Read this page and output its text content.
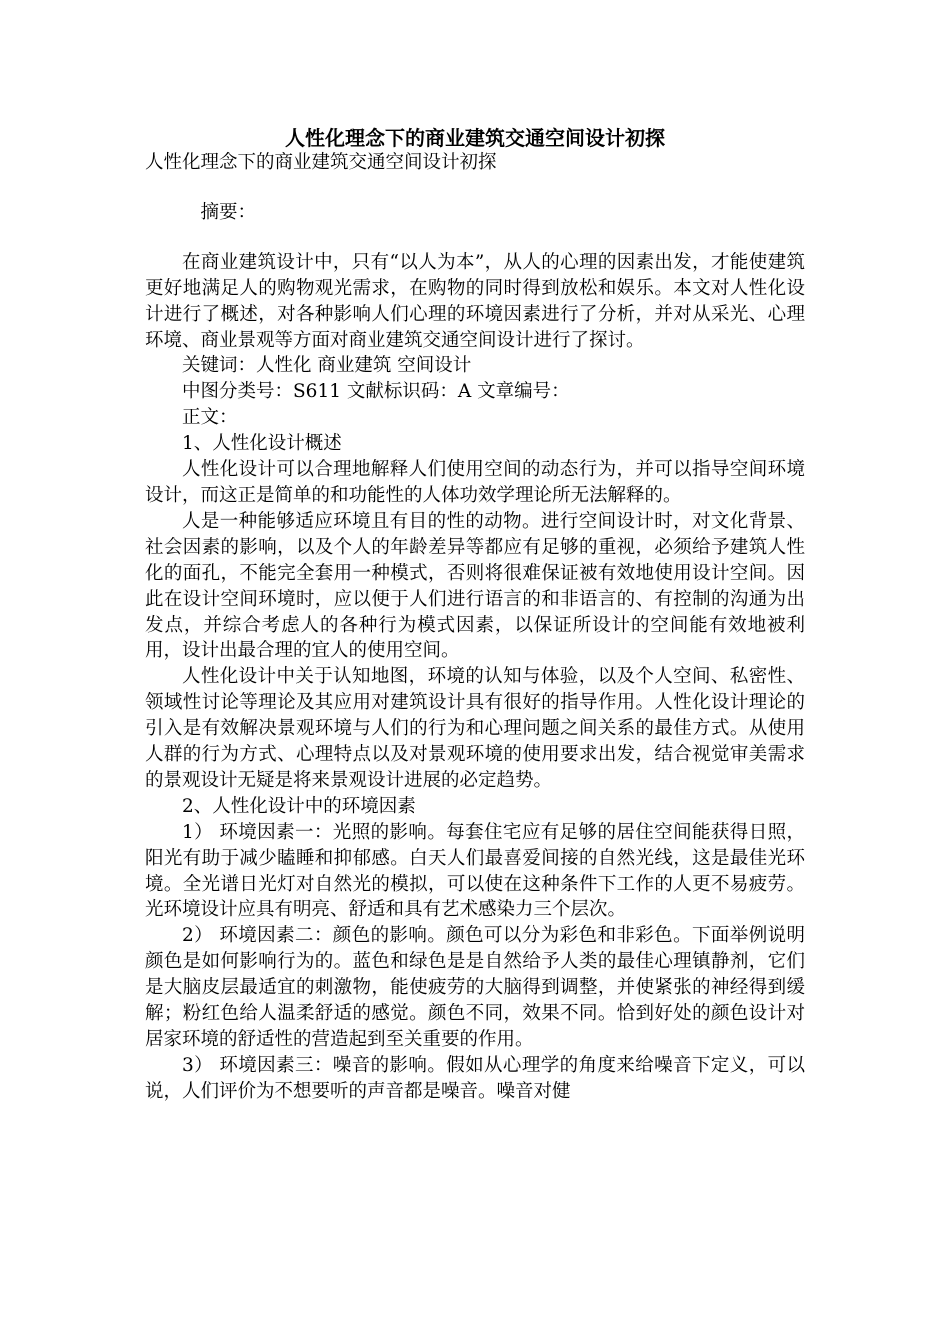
人性化理念下的商业建筑交通空间设计初探

人性化理念下的商业建筑交通空间设计初探

摘要：

在商业建筑设计中，只有“以人为本”，从人的心理的因素出发，才能使建筑更好地满足人的购物观光需求，在购物的同时得到放松和娱乐。本文对人性化设计进行了概述，对各种影响人们心理的环境因素进行了分析，并对从采光、心理环境、商业景观等方面对商业建筑交通空间设计进行了探讨。

关键词：人性化 商业建筑 空间设计

中图分类号：S611 文献标识码：A 文章编号：

正文：

1、人性化设计概述

人性化设计可以合理地解释人们使用空间的动态行为，并可以指导空间环境设计，而这正是简单的和功能性的人体功效学理论所无法解释的。

人是一种能够适应环境且有目的性的动物。进行空间设计时，对文化背景、社会因素的影响，以及个人的年龄差异等都应有足够的重视，必须给予建筑人性化的面孔，不能完全套用一种模式，否则将很难保证被有效地使用设计空间。因此在设计空间环境时，应以便于人们进行语言的和非语言的、有控制的沟通为出发点，并综合考虑人的各种行为模式因素，以保证所设计的空间能有效地被利用，设计出最合理的宜人的使用空间。

人性化设计中关于认知地图，环境的认知与体验，以及个人空间、私密性、领域性讨论等理论及其应用对建筑设计具有很好的指导作用。人性化设计理论的引入是有效解决景观环境与人们的行为和心理问题之间关系的最佳方式。从使用人群的行为方式、心理特点以及对景观环境的使用要求出发，结合视觉审美需求的景观设计无疑是将来景观设计进展的必定趋势。

2、人性化设计中的环境因素

1） 环境因素一：光照的影响。每套住宅应有足够的居住空间能获得日照，阳光有助于减少瞌睡和抑郁感。白天人们最喜爱间接的自然光线，这是最佳光环境。全光谱日光灯对自然光的模拟，可以使在这种条件下工作的人更不易疲劳。光环境设计应具有明亮、舒适和具有艺术感染力三个层次。

2） 环境因素二：颜色的影响。颜色可以分为彩色和非彩色。下面举例说明颜色是如何影响行为的。蓝色和绿色是是自然给予人类的最佳心理镇静剂，它们是大脑皮层最适宜的刺激物，能使疲劳的大脑得到调整，并使紧张的神经得到缓解；粉红色给人温柔舒适的感觉。颜色不同，效果不同。恰到好处的颜色设计对居家环境的舒适性的营造起到至关重要的作用。

3） 环境因素三：噪音的影响。假如从心理学的角度来给噪音下定义，可以说，人们评价为不想要听的声音都是噪音。噪音对健
